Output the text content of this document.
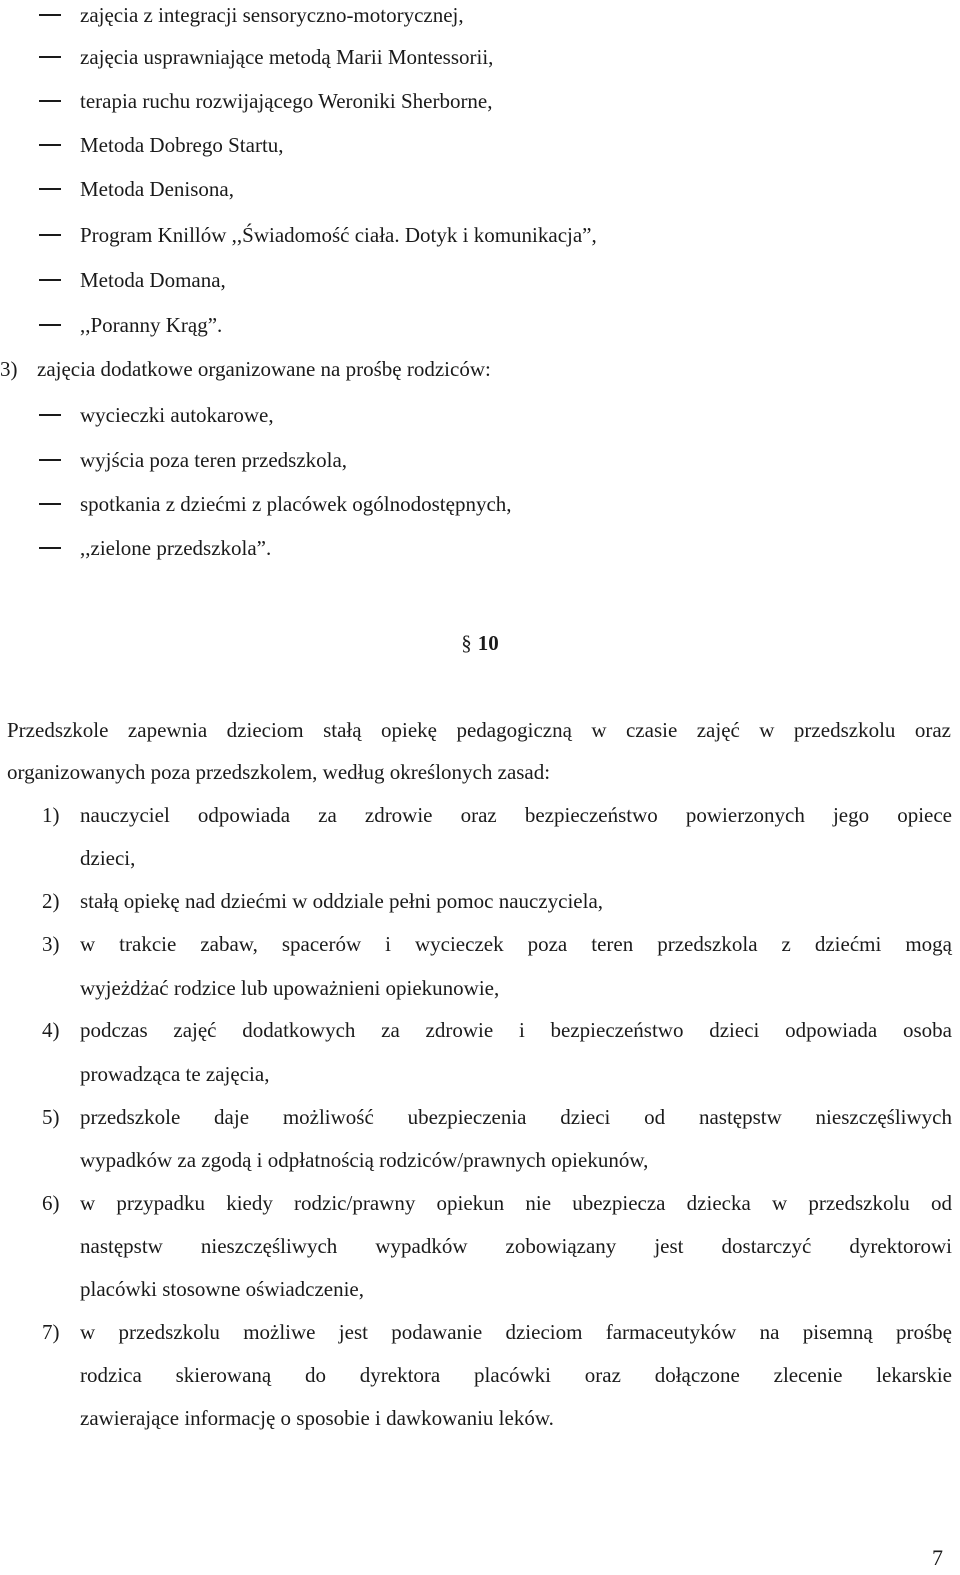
zajęcia z integracji sensoryczno-motorycznej,
zajęcia usprawniające metodą Marii Montessorii,
terapia ruchu rozwijającego Weroniki Sherborne,
Metoda Dobrego Startu,
Metoda Denisona,
Program Knillów ,,Świadomość ciała. Dotyk i komunikacja”,
Metoda Domana,
,,Poranny Krąg”.
3) zajęcia dodatkowe organizowane na prośbę rodziców:
wycieczki autokarowe,
wyjścia poza teren przedszkola,
spotkania z dziećmi z placówek ogólnodostępnych,
,,zielone przedszkola”.
§ 10
Przedszkole zapewnia dzieciom stałą opiekę pedagogiczną w czasie zajęć w przedszkolu oraz
organizowanych poza przedszkolem, według określonych zasad:
1) nauczyciel odpowiada za zdrowie oraz bezpieczeństwo powierzonych jego opiece
dzieci,
2) stałą opiekę nad dziećmi w oddziale pełni pomoc nauczyciela,
3) w trakcie zabaw, spacerów i wycieczek poza teren przedszkola z dziećmi mogą
wyjeżdżać rodzice lub upoważnieni opiekunowie,
4) podczas zajęć dodatkowych za zdrowie i bezpieczeństwo dzieci odpowiada osoba
prowadząca te zajęcia,
5) przedszkole daje możliwość ubezpieczenia dzieci od następstw nieszczęśliwych
wypadków za zgodą i odpłatnością rodziców/prawnych opiekunów,
6) w przypadku kiedy rodzic/prawny opiekun nie ubezpiecza dziecka w przedszkolu od
następstw nieszczęśliwych wypadków zobowiązany jest dostarczyć dyrektorowi
placówki stosowne oświadczenie,
7) w przedszkolu możliwe jest podawanie dzieciom farmaceutyków na pisemną prośbę
rodzica skierowaną do dyrektora placówki oraz dołączone zlecenie lekarskie
zawierające informację o sposobie i dawkowaniu leków.
7
